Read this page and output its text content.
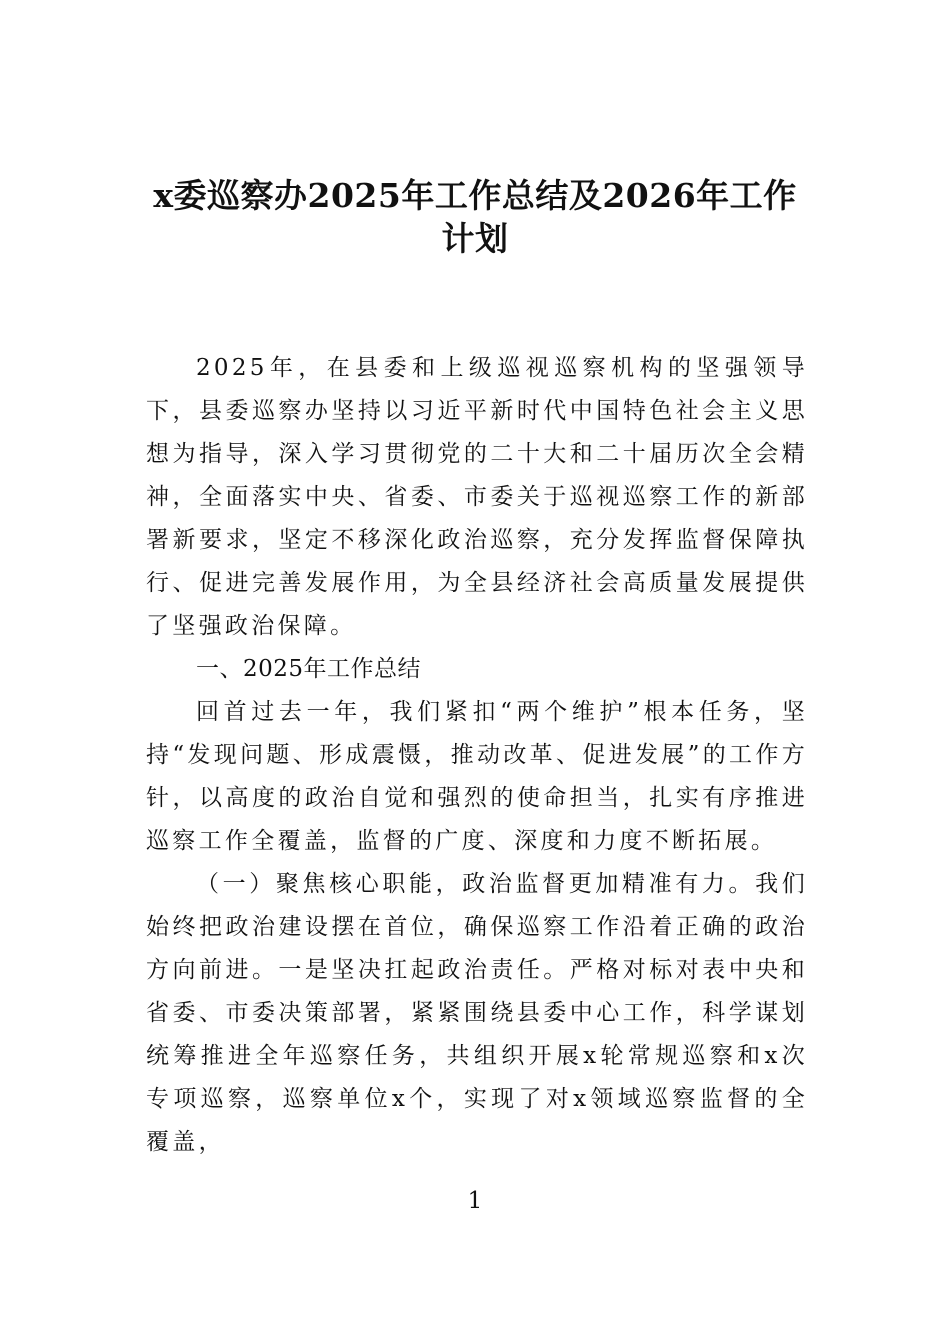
x委巡察办2025年工作总结及2026年工作
计划

2025年，在县委和上级巡视巡察机构的坚强领导下，县委巡察办坚持以习近平新时代中国特色社会主义思想为指导，深入学习贯彻党的二十大和二十届历次全会精神，全面落实中央、省委、市委关于巡视巡察工作的新部署新要求，坚定不移深化政治巡察，充分发挥监督保障执行、促进完善发展作用，为全县经济社会高质量发展提供了坚强政治保障。

一、2025年工作总结

回首过去一年，我们紧扣“两个维护”根本任务，坚持“发现问题、形成震慑，推动改革、促进发展”的工作方针，以高度的政治自觉和强烈的使命担当，扎实有序推进巡察工作全覆盖，监督的广度、深度和力度不断拓展。

（一）聚焦核心职能，政治监督更加精准有力。我们始终把政治建设摆在首位，确保巡察工作沿着正确的政治方向前进。一是坚决扛起政治责任。严格对标对表中央和省委、市委决策部署，紧紧围绕县委中心工作，科学谋划统筹推进全年巡察任务，共组织开展x轮常规巡察和x次专项巡察，巡察单位x个，实现了对x领域巡察监督的全覆盖，

1
